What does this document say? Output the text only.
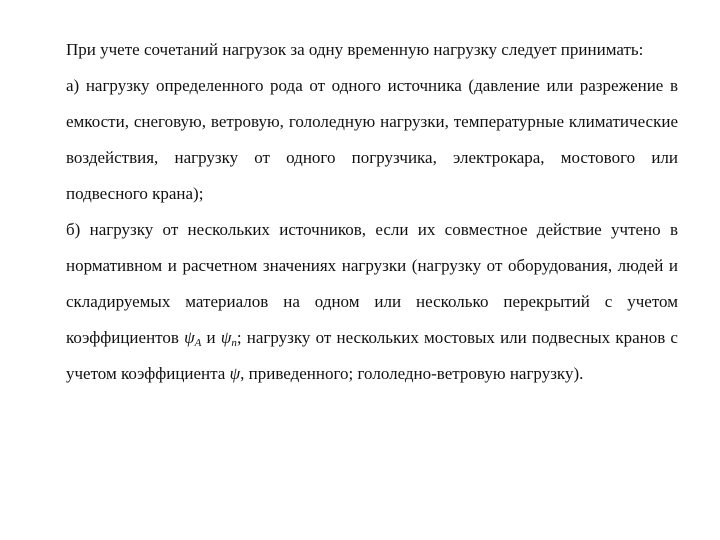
При учете сочетаний нагрузок за одну временную нагрузку следует принимать:

а) нагрузку определенного рода от одного источника (давление или разрежение в емкости, снеговую, ветровую, гололедную нагрузки, температурные климатические воздействия, нагрузку от одного погрузчика, электрокара, мостового или подвесного крана);

б) нагрузку от нескольких источников, если их совместное действие учтено в нормативном и расчетном значениях нагрузки (нагрузку от оборудования, людей и складируемых материалов на одном или несколько перекрытий с учетом коэффициентов $\psi_A$ и $\psi_n$; нагрузку от нескольких мостовых или подвесных кранов с учетом коэффициента ψ, приведенного; гололедно-ветровую нагрузку).
